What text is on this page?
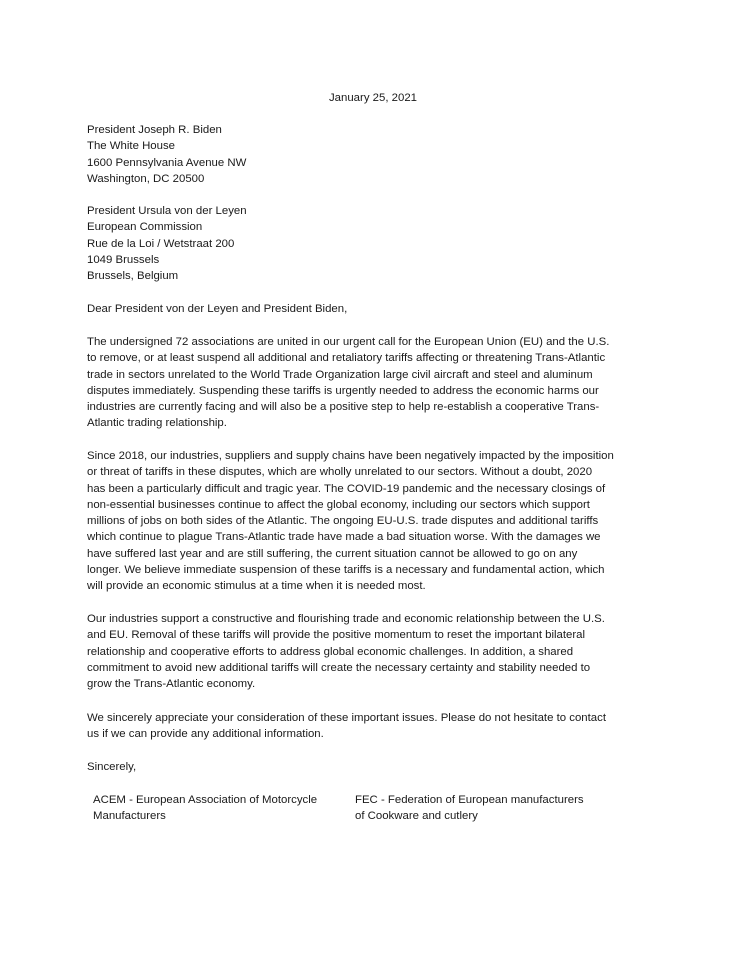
January 25, 2021
President Joseph R. Biden
The White House
1600 Pennsylvania Avenue NW
Washington, DC 20500
President Ursula von der Leyen
European Commission
Rue de la Loi / Wetstraat 200
1049 Brussels
Brussels, Belgium
Dear President von der Leyen and President Biden,
The undersigned 72 associations are united in our urgent call for the European Union (EU) and the U.S.
to remove, or at least suspend all additional and retaliatory tariffs affecting or threatening Trans-Atlantic
trade in sectors unrelated to the World Trade Organization large civil aircraft and steel and aluminum
disputes immediately. Suspending these tariffs is urgently needed to address the economic harms our
industries are currently facing and will also be a positive step to help re-establish a cooperative Trans-
Atlantic trading relationship.
Since 2018, our industries, suppliers and supply chains have been negatively impacted by the imposition
or threat of tariffs in these disputes, which are wholly unrelated to our sectors. Without a doubt, 2020
has been a particularly difficult and tragic year. The COVID-19 pandemic and the necessary closings of
non-essential businesses continue to affect the global economy, including our sectors which support
millions of jobs on both sides of the Atlantic. The ongoing EU-U.S. trade disputes and additional tariffs
which continue to plague Trans-Atlantic trade have made a bad situation worse. With the damages we
have suffered last year and are still suffering, the current situation cannot be allowed to go on any
longer. We believe immediate suspension of these tariffs is a necessary and fundamental action, which
will provide an economic stimulus at a time when it is needed most.
Our industries support a constructive and flourishing trade and economic relationship between the U.S.
and EU. Removal of these tariffs will provide the positive momentum to reset the important bilateral
relationship and cooperative efforts to address global economic challenges. In addition, a shared
commitment to avoid new additional tariffs will create the necessary certainty and stability needed to
grow the Trans-Atlantic economy.
We sincerely appreciate your consideration of these important issues. Please do not hesitate to contact
us if we can provide any additional information.
Sincerely,
ACEM - European Association of Motorcycle
Manufacturers
FEC - Federation of European manufacturers
of Cookware and cutlery
